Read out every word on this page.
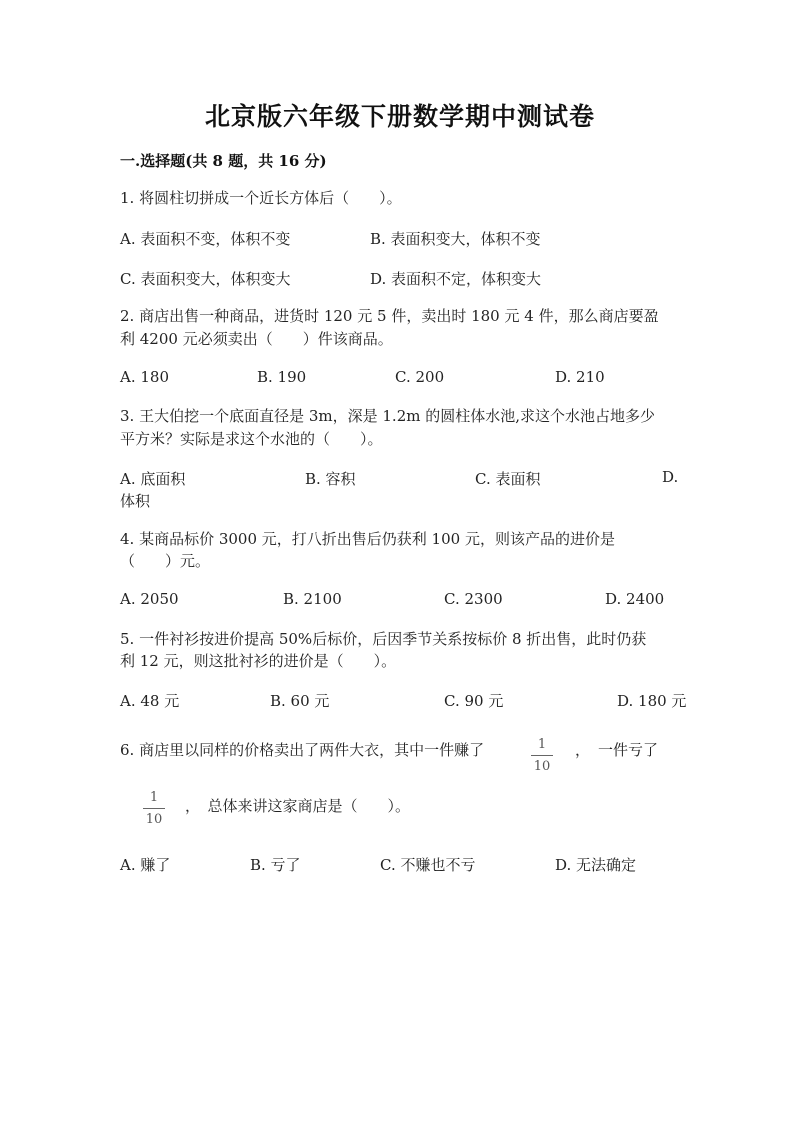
北京版六年级下册数学期中测试卷
一.选择题(共 8 题，共 16 分)
1. 将圆柱切拼成一个近长方体后（　　）。
A. 表面积不变，体积不变	B. 表面积变大，体积不变
C. 表面积变大，体积变大	D. 表面积不定，体积变大
2. 商店出售一种商品，进货时 120 元 5 件，卖出时 180 元 4 件，那么商店要盈
利 4200 元必须卖出（　　）件该商品。
A. 180	B. 190	C. 200	D. 210
3. 王大伯挖一个底面直径是 3m，深是 1.2m 的圆柱体水池,求这个水池占地多少
平方米？实际是求这个水池的（　　）。
A. 底面积	B. 容积	C. 表面积	D.
体积
4. 某商品标价 3000 元，打八折出售后仍获利 100 元，则该产品的进价是
（　　）元。
A. 2050	B. 2100	C. 2300	D. 2400
5. 一件衬衫按进价提高 50%后标价，后因季节关系按标价 8 折出售，此时仍获
利 12 元，则这批衬衫的进价是（　　）。
A. 48 元	B. 60 元	C. 90 元	D. 180 元
6. 商店里以同样的价格卖出了两件大衣，其中一件赚了	1
10
， 一件亏了
1
10
，　总体来讲这家商店是（　　）。
A. 赚了	B. 亏了	C. 不赚也不亏	D. 无法确定
